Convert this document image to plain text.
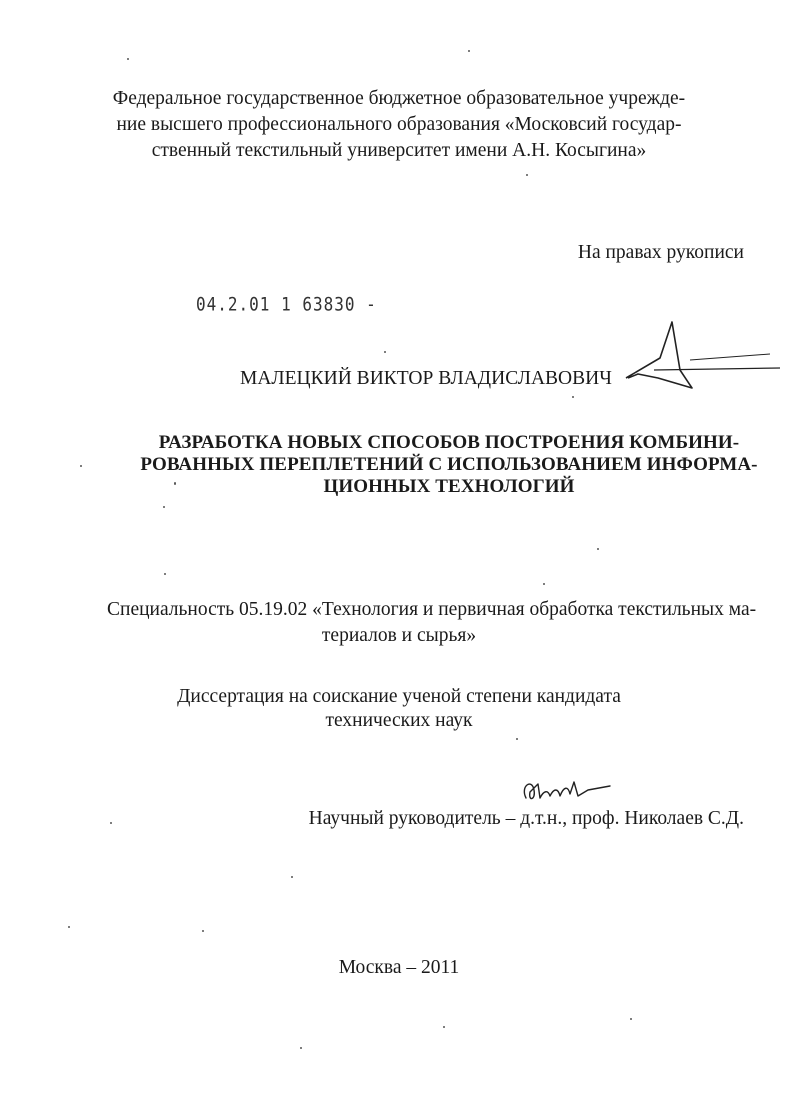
Федеральное государственное бюджетное образовательное учрежде-
ние высшего профессионального образования «Московсий государ-
ственный текстильный университет имени А.Н. Косыгина»
На правах рукописи
04.2.01 1 63830 -
МАЛЕЦКИЙ ВИКТОР ВЛАДИСЛАВОВИЧ
РАЗРАБОТКА НОВЫХ СПОСОБОВ ПОСТРОЕНИЯ КОМБИНИ-
РОВАННЫХ ПЕРЕПЛЕТЕНИЙ С ИСПОЛЬЗОВАНИЕМ ИНФОРМА-
ЦИОННЫХ ТЕХНОЛОГИЙ
Специальность 05.19.02 «Технология и первичная обработка текстильных ма-
териалов и сырья»
Диссертация на соискание ученой степени кандидата
технических наук
Научный руководитель – д.т.н., проф. Николаев С.Д.
Москва – 2011
